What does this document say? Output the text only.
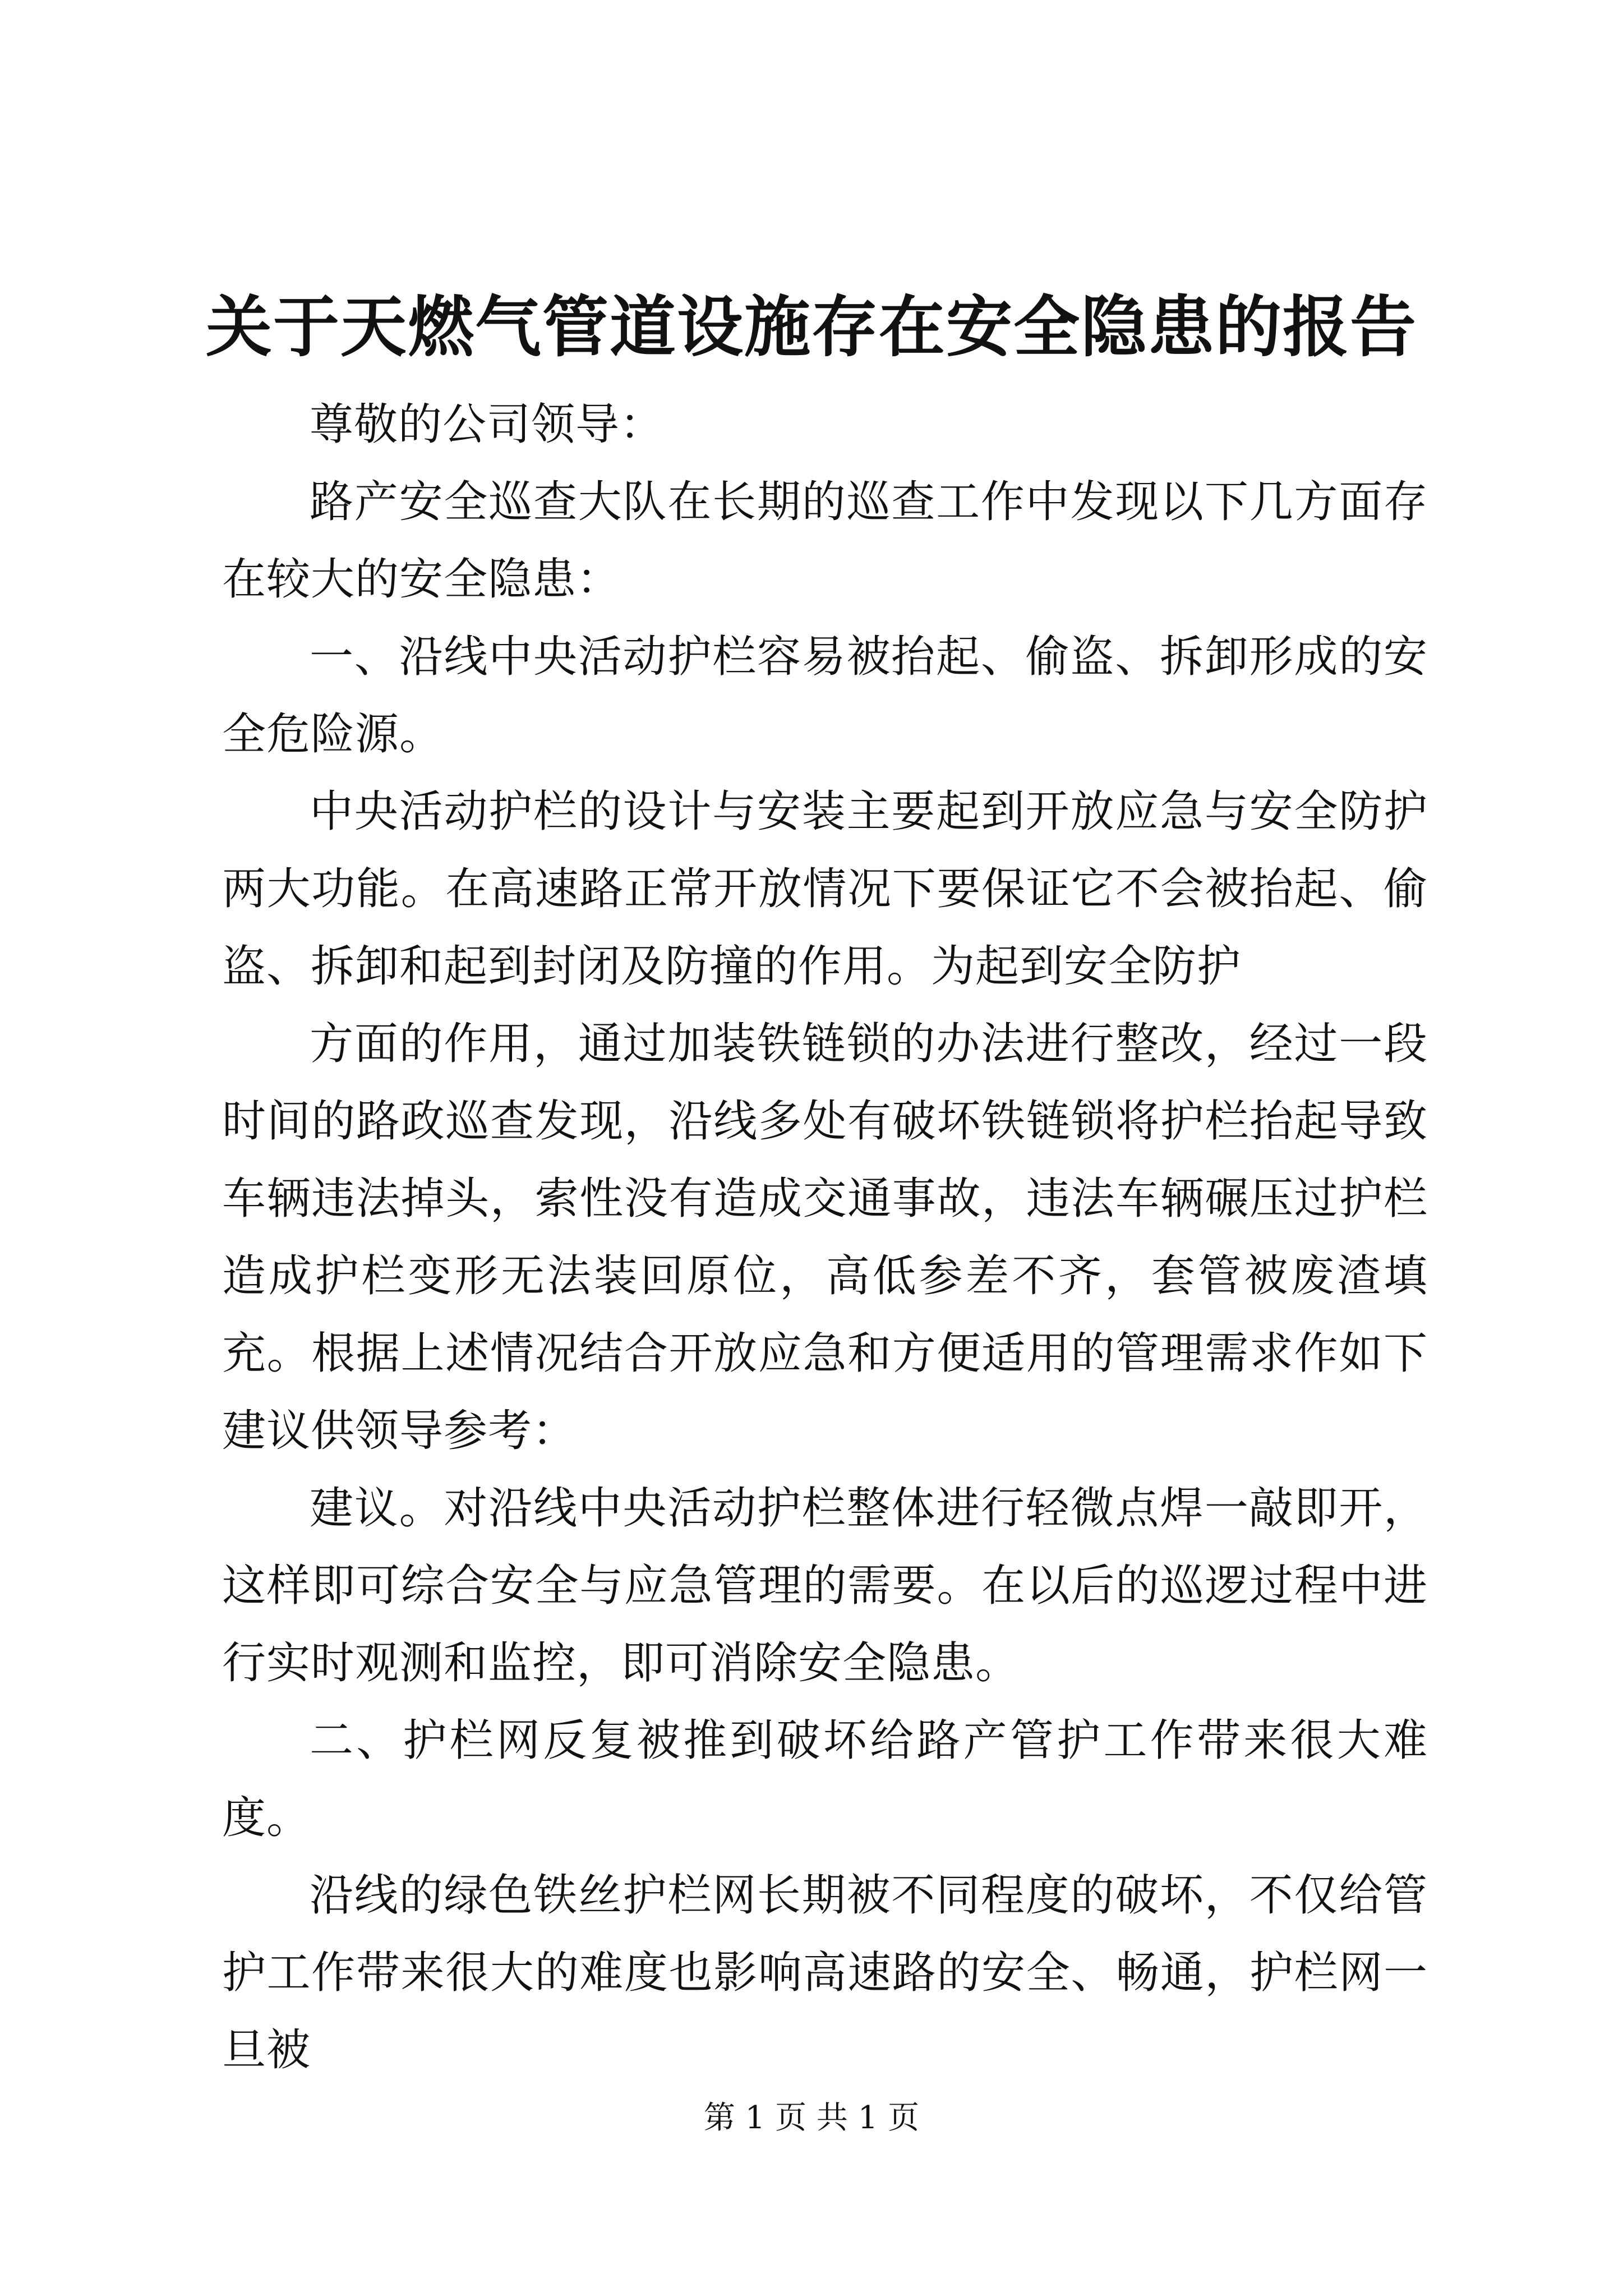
关于天燃气管道设施存在安全隐患的报告

尊敬的公司领导：

路产安全巡查大队在长期的巡查工作中发现以下几方面存在较大的安全隐患：

一、沿线中央活动护栏容易被抬起、偷盗、拆卸形成的安全危险源。

中央活动护栏的设计与安装主要起到开放应急与安全防护两大功能。在高速路正常开放情况下要保证它不会被抬起、偷盗、拆卸和起到封闭及防撞的作用。为起到安全防护

方面的作用，通过加装铁链锁的办法进行整改，经过一段时间的路政巡查发现，沿线多处有破坏铁链锁将护栏抬起导致车辆违法掉头，索性没有造成交通事故，违法车辆碾压过护栏造成护栏变形无法装回原位，高低参差不齐，套管被废渣填充。根据上述情况结合开放应急和方便适用的管理需求作如下建议供领导参考：

建议。对沿线中央活动护栏整体进行轻微点焊一敲即开，这样即可综合安全与应急管理的需要。在以后的巡逻过程中进行实时观测和监控，即可消除安全隐患。

二、护栏网反复被推到破坏给路产管护工作带来很大难度。

沿线的绿色铁丝护栏网长期被不同程度的破坏，不仅给管护工作带来很大的难度也影响高速路的安全、畅通，护栏网一旦被

第 1 页 共 1 页
